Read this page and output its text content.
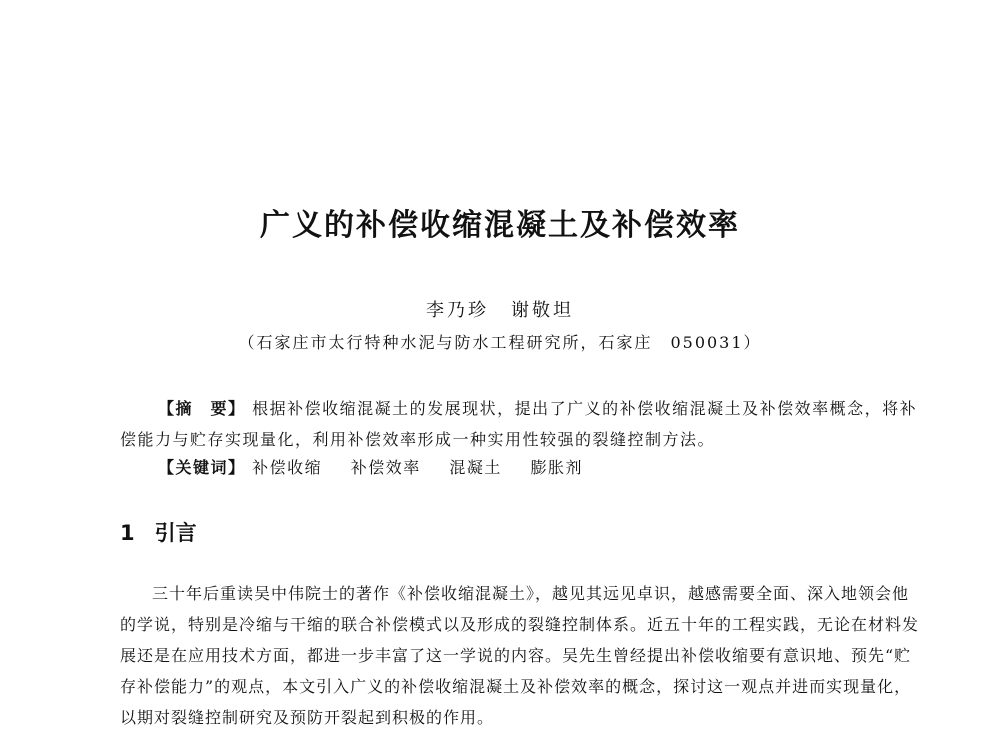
广义的补偿收缩混凝土及补偿效率
李乃珍 谢敬坦
（石家庄市太行特种水泥与防水工程研究所，石家庄　050031）
【摘　要】 根据补偿收缩混凝土的发展现状，提出了广义的补偿收缩混凝土及补偿效率概念，将补偿能力与贮存实现量化，利用补偿效率形成一种实用性较强的裂缝控制方法。
【关键词】 补偿收缩 补偿效率 混凝土 膨胀剂
1 引言

三十年后重读吴中伟院士的著作《补偿收缩混凝土》，越见其远见卓识，越感需要全面、深入地领会他的学说，特别是冷缩与干缩的联合补偿模式以及形成的裂缝控制体系。近五十年的工程实践，无论在材料发展还是在应用技术方面，都进一步丰富了这一学说的内容。吴先生曾经提出补偿收缩要有意识地、预先“贮存补偿能力”的观点，本文引入广义的补偿收缩混凝土及补偿效率的概念，探讨这一观点并进而实现量化，以期对裂缝控制研究及预防开裂起到积极的作用。
